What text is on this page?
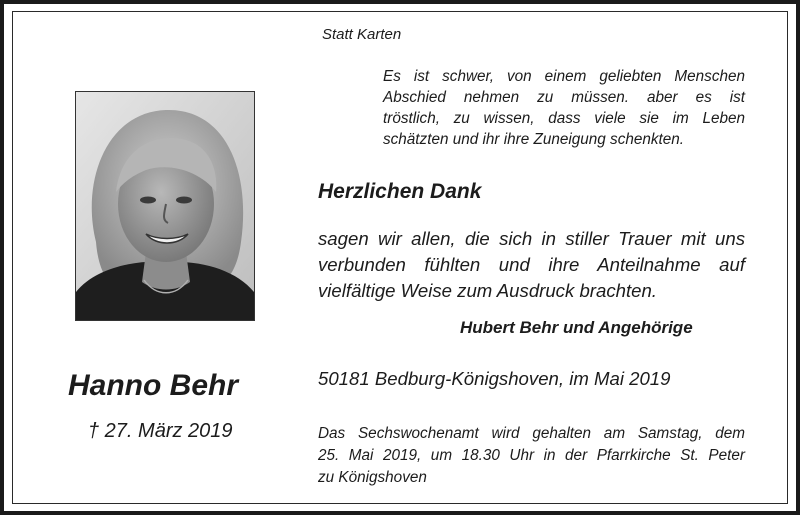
Statt Karten

Es ist schwer, von einem geliebten Menschen
Abschied nehmen zu müssen. aber es ist
tröstlich, zu wissen, dass viele sie im Leben
schätzten und ihr ihre Zuneigung schenkten.

Herzlichen Dank

sagen wir allen, die sich in stiller Trauer mit uns
verbunden fühlten und ihre Anteilnahme auf
vielfältige Weise zum Ausdruck brachten.

Hubert Behr und Angehörige

Hanno Behr

† 27. März 2019

50181 Bedburg-Königshoven, im Mai 2019

Das Sechswochenamt wird gehalten am Samstag, dem
25. Mai 2019, um 18.30 Uhr in der Pfarrkirche St. Peter
zu Königshoven
